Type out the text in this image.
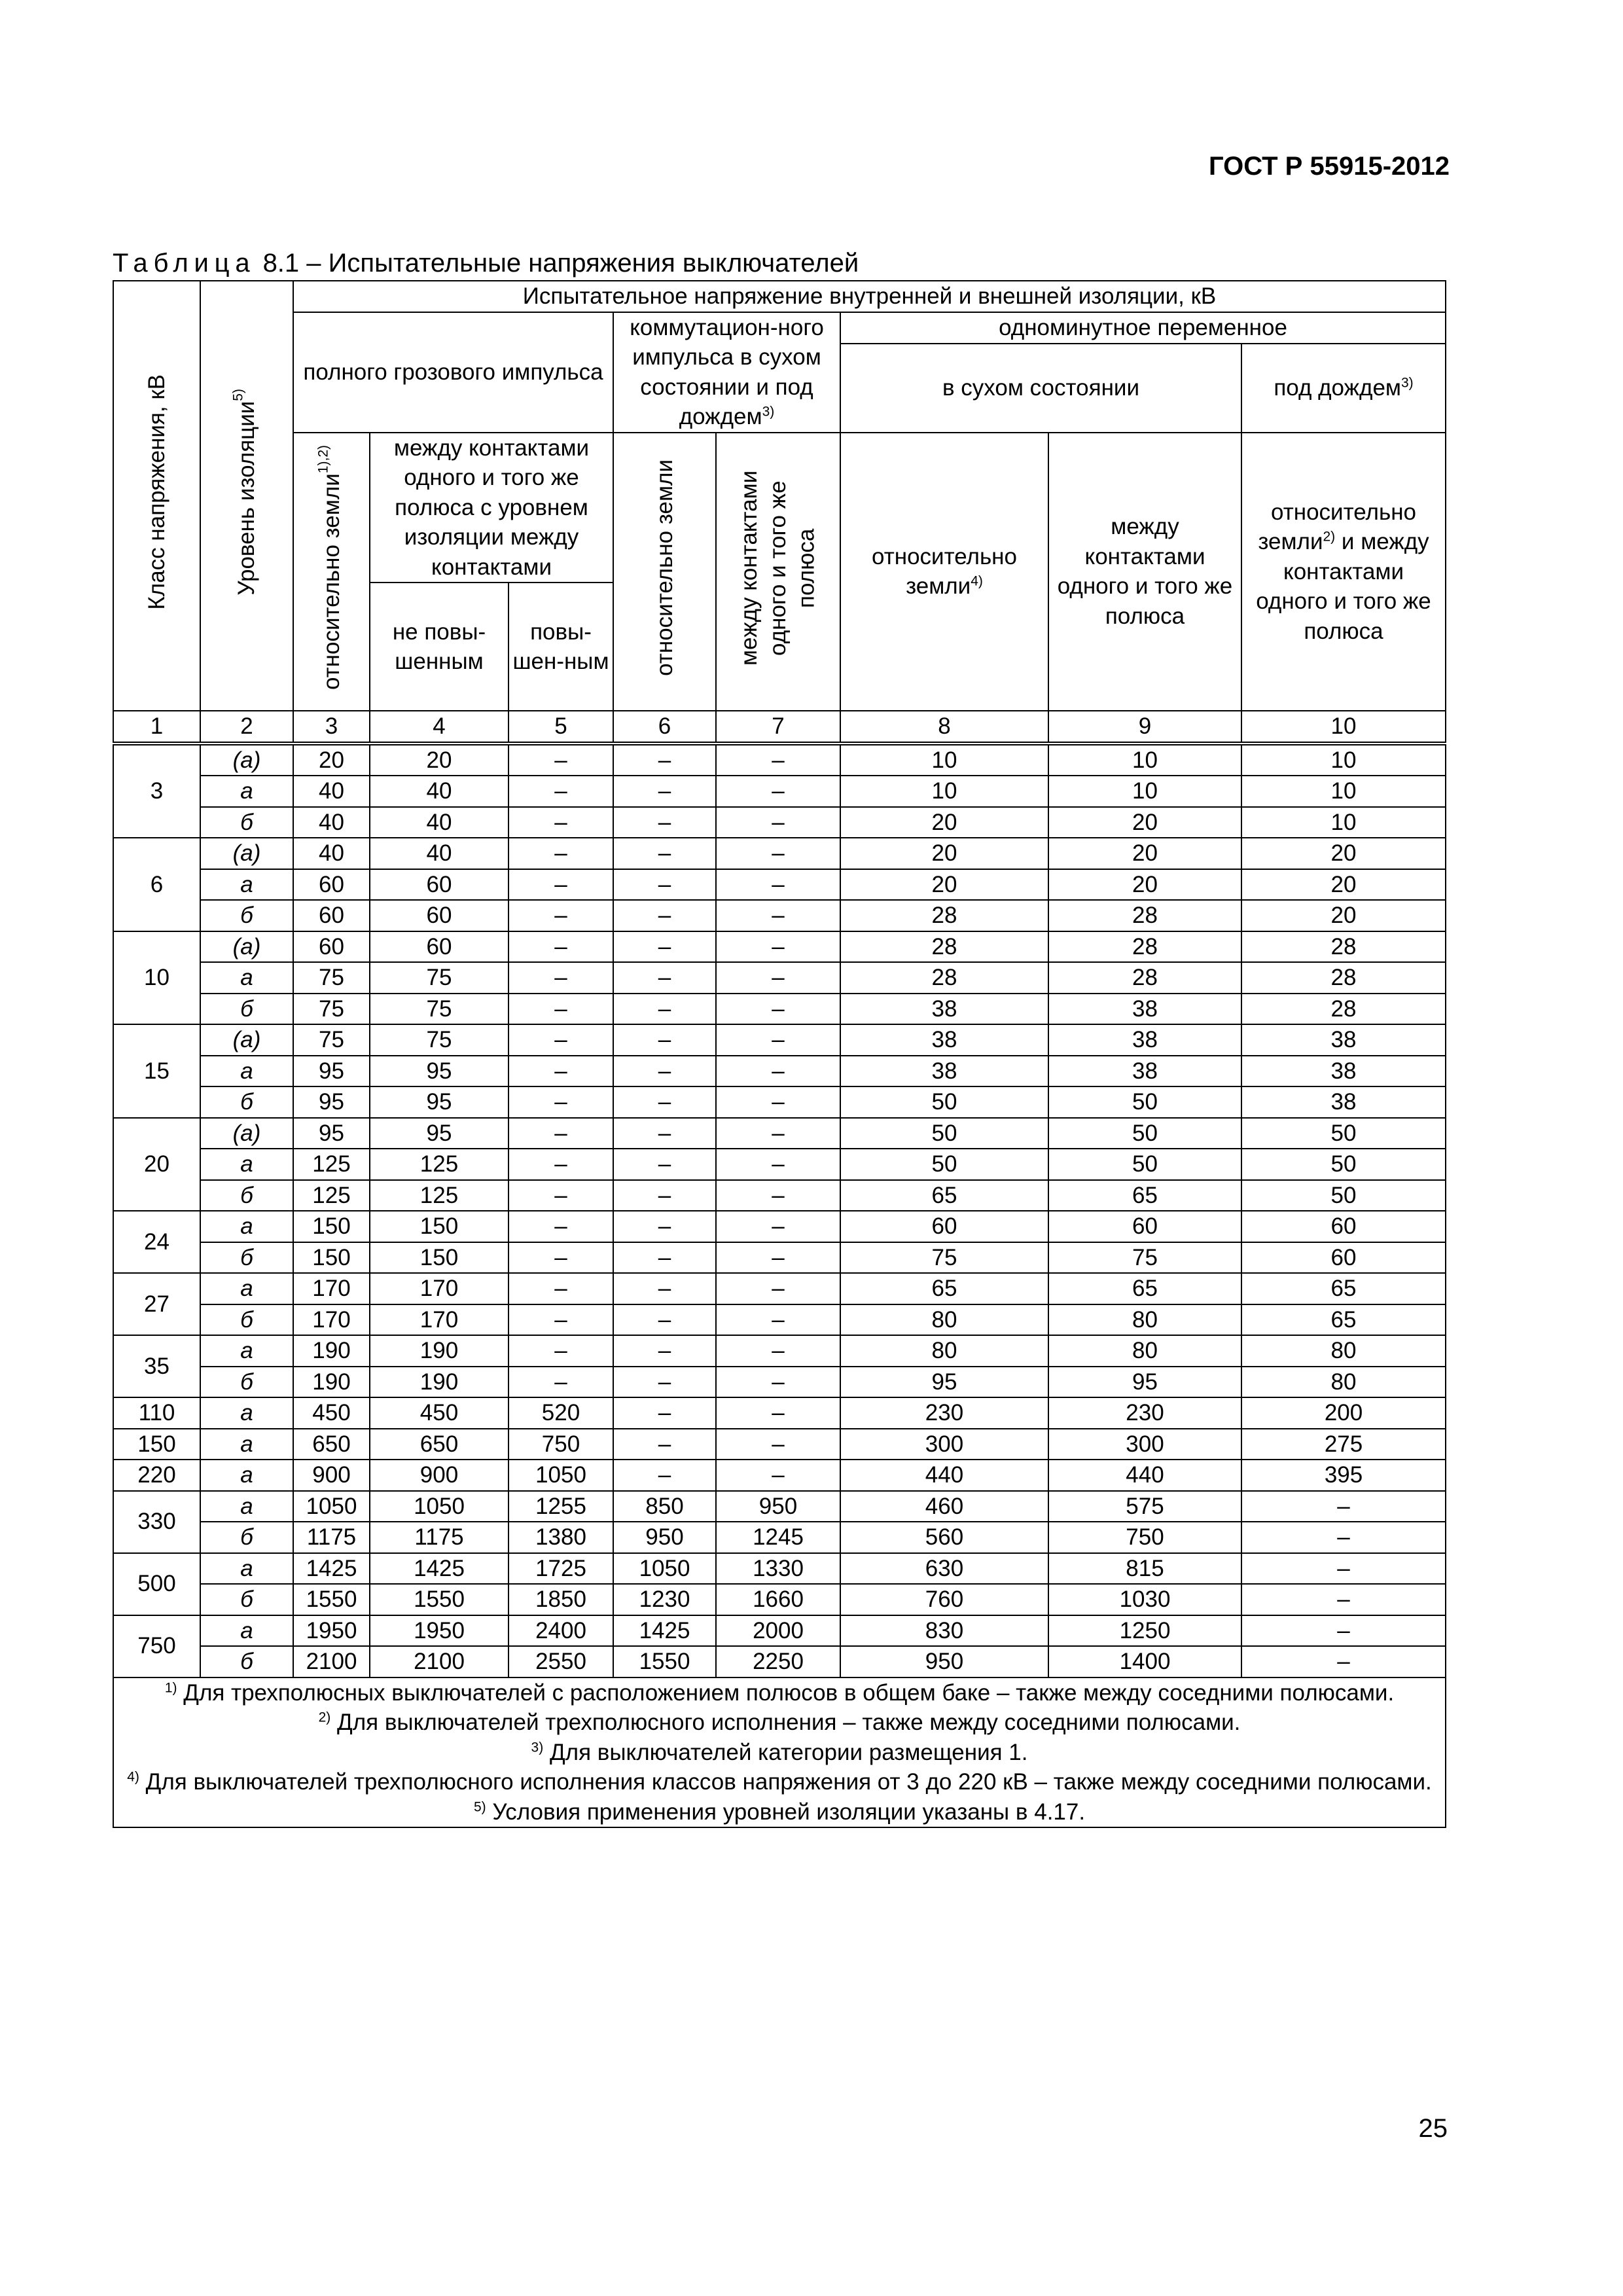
ГОСТ Р 55915-2012
Таблица 8.1 – Испытательные напряжения выключателей
Класс напряжения, кВ	Уровень изоляции$^{5)}$	Испытательное напряжение внутренней и внешней изоляции, кВ							
		полного грозового импульса			коммутацион-ного импульса в сухом состоянии и под дождем$^{3)}$		одноминутное переменное		
							в сухом состоянии		под дождем$^{3)}$
		относительно земли$^{1),2)}$	между контактами одного и того же полюса с уровнем изоляции между контактами		относительно земли	между контактами одного и того же полюса	относительно земли$^{4)}$	между контактами одного и того же полюса	относительно земли$^{2)}$ и между контактами одного и того же полюса
			не повы-шенным	повы-шен-ным					

1	2	3	4	5	6	7	8	9	10
3	(а)	20	20	–	–	–	10	10	10
	а	40	40	–	–	–	10	10	10
	б	40	40	–	–	–	20	20	10
6	(а)	40	40	–	–	–	20	20	20
	а	60	60	–	–	–	20	20	20
	б	60	60	–	–	–	28	28	20
10	(а)	60	60	–	–	–	28	28	28
	а	75	75	–	–	–	28	28	28
	б	75	75	–	–	–	38	38	28
15	(а)	75	75	–	–	–	38	38	38
	а	95	95	–	–	–	38	38	38
	б	95	95	–	–	–	50	50	38
20	(а)	95	95	–	–	–	50	50	50
	а	125	125	–	–	–	50	50	50
	б	125	125	–	–	–	65	65	50
24	а	150	150	–	–	–	60	60	60
	б	150	150	–	–	–	75	75	60
27	а	170	170	–	–	–	65	65	65
	б	170	170	–	–	–	80	80	65
35	а	190	190	–	–	–	80	80	80
	б	190	190	–	–	–	95	95	80
110	а	450	450	520	–	–	230	230	200
150	а	650	650	750	–	–	300	300	275
220	а	900	900	1050	–	–	440	440	395
330	а	1050	1050	1255	850	950	460	575	–
	б	1175	1175	1380	950	1245	560	750	–
500	а	1425	1425	1725	1050	1330	630	815	–
	б	1550	1550	1850	1230	1660	760	1030	–
750	а	1950	1950	2400	1425	2000	830	1250	–
	б	2100	2100	2550	1550	2250	950	1400	–

$^{1)}$ Для трехполюсных выключателей с расположением полюсов в общем баке – также между соседними полюсами.

$^{2)}$ Для выключателей трехполюсного исполнения – также между соседними полюсами.

$^{3)}$ Для выключателей категории размещения 1.

$^{4)}$ Для выключателей трехполюсного исполнения классов напряжения от 3 до 220 кВ – также между соседними полюсами.

$^{5)}$ Условия применения уровней изоляции указаны в 4.17.									

25
